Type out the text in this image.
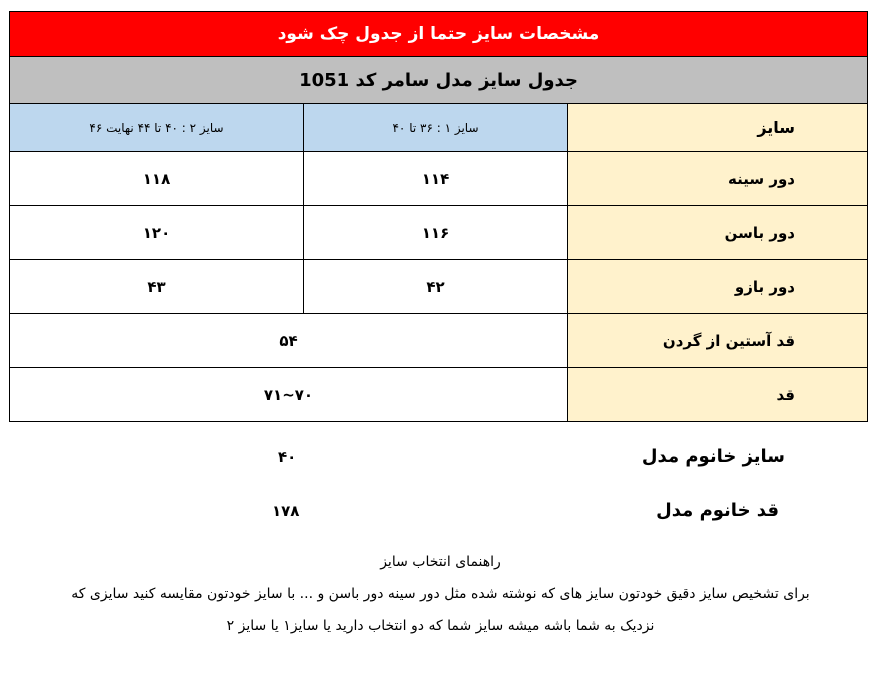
مشخصات سایز حتما از جدول چک شود		
جدول سایز مدل سامر کد 1051		
سایز ۲ : ۴۰ تا ۴۴ نهایت ۴۶	سایز ۱ : ۳۶ تا ۴۰	سایز
۱۱۸	۱۱۴	دور سینه
۱۲۰	۱۱۶	دور باسن
۴۳	۴۲	دور بازو
۵۴		قد آستین از گردن
۷۰~۷۱		قد
سایز خانوم مدل
۴۰
قد خانوم مدل
۱۷۸
راهنمای انتخاب سایز
برای تشخیص سایز دقیق خودتون سایز های که نوشته شده مثل دور سینه دور باسن و ... با سایز خودتون مقایسه کنید سایزی که
نزدیک به شما باشه میشه سایز شما که دو انتخاب دارید یا سایز۱ یا سایز ۲
